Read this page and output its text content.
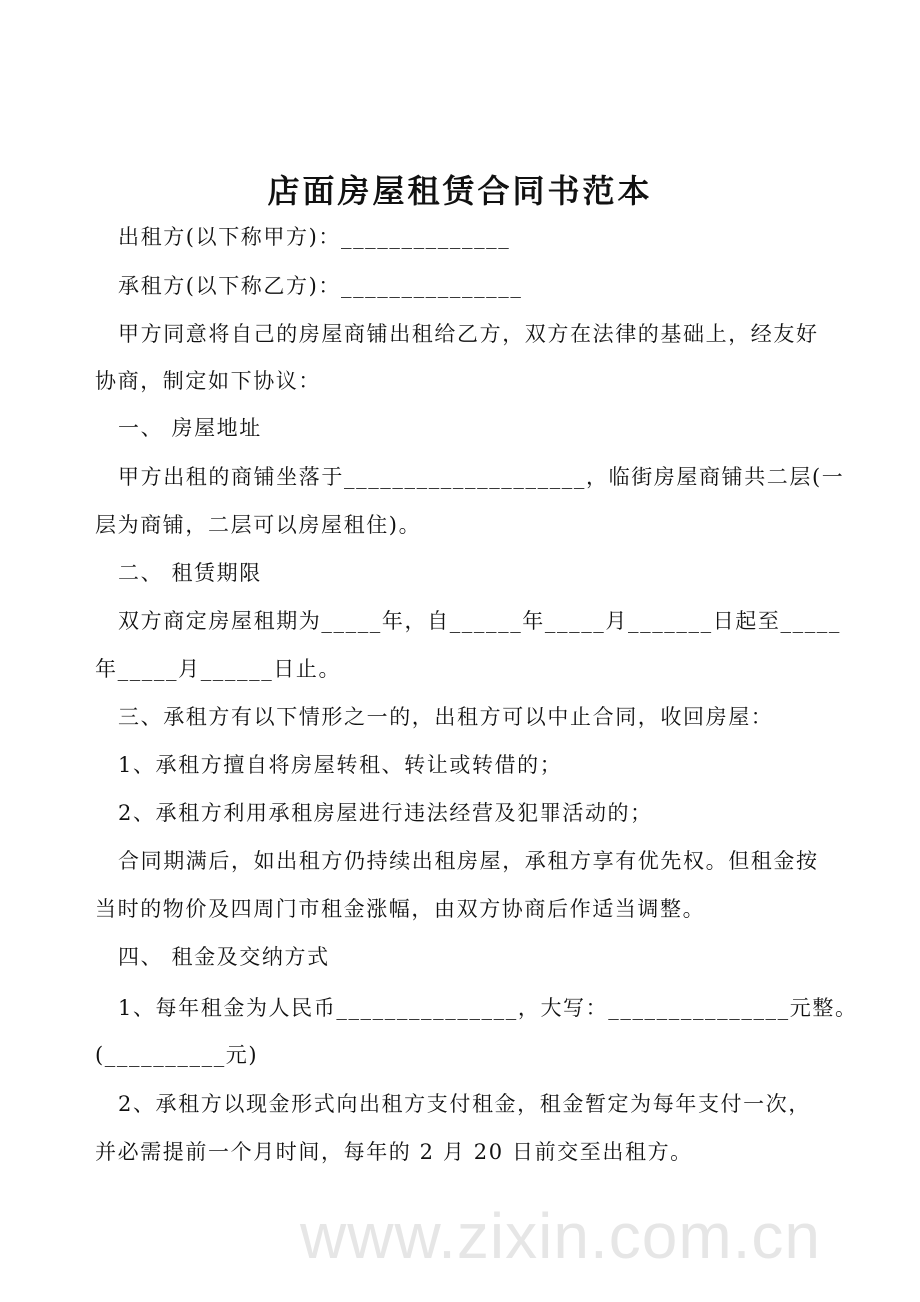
店面房屋租赁合同书范本
出租方(以下称甲方)：______________
承租方(以下称乙方)：_______________
甲方同意将自己的房屋商铺出租给乙方，双方在法律的基础上，经友好
协商，制定如下协议：
一、 房屋地址
甲方出租的商铺坐落于____________________，临街房屋商铺共二层(一
层为商铺，二层可以房屋租住)。
二、 租赁期限
双方商定房屋租期为_____年，自______年_____月_______日起至_____
年_____月______日止。
三、承租方有以下情形之一的，出租方可以中止合同，收回房屋：
1、承租方擅自将房屋转租、转让或转借的；
2、承租方利用承租房屋进行违法经营及犯罪活动的；
合同期满后，如出租方仍持续出租房屋，承租方享有优先权。但租金按
当时的物价及四周门市租金涨幅，由双方协商后作适当调整。
四、 租金及交纳方式
1、每年租金为人民币_______________，大写：_______________元整。
(__________元)
2、承租方以现金形式向出租方支付租金，租金暂定为每年支付一次，
并必需提前一个月时间，每年的 2 月 20 日前交至出租方。
www.zixin.com.cn
